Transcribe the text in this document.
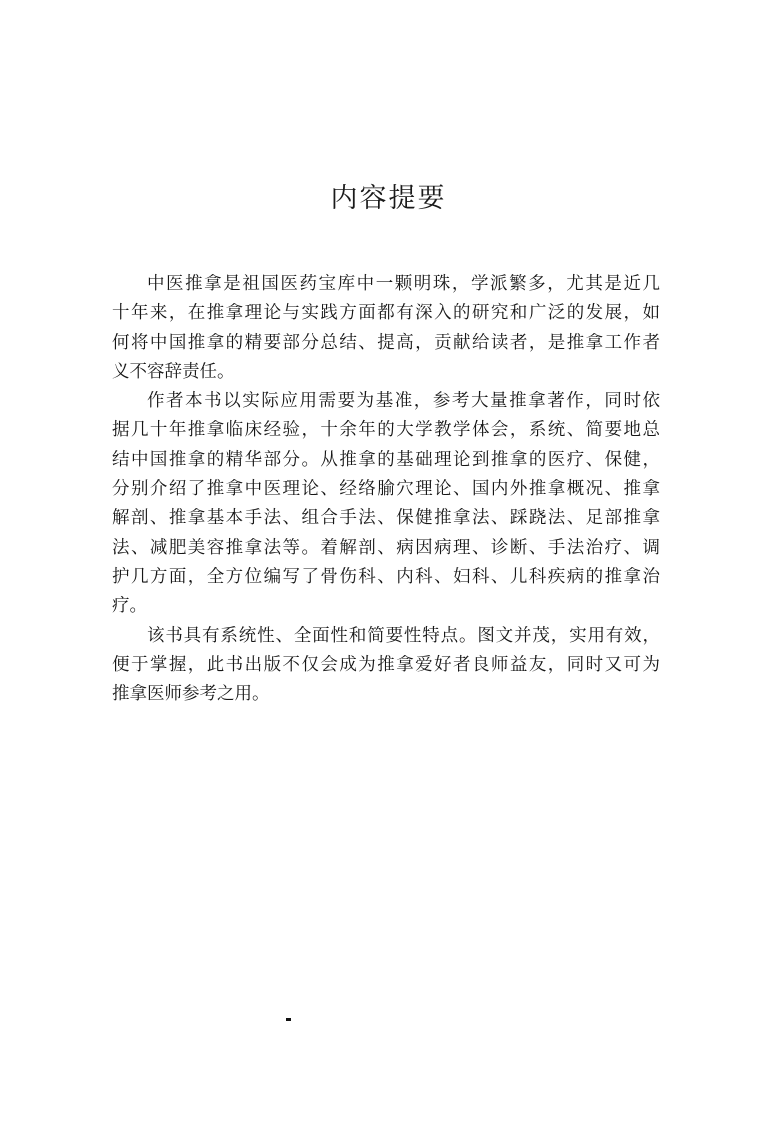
内容提要
中医推拿是祖国医药宝库中一颗明珠，学派繁多，尤其是近几
十年来，在推拿理论与实践方面都有深入的研究和广泛的发展，如
何将中国推拿的精要部分总结、提高，贡献给读者，是推拿工作者
义不容辞责任。
作者本书以实际应用需要为基准，参考大量推拿著作，同时依
据几十年推拿临床经验，十余年的大学教学体会，系统、简要地总
结中国推拿的精华部分。从推拿的基础理论到推拿的医疗、保健，
分别介绍了推拿中医理论、经络腧穴理论、国内外推拿概况、推拿
解剖、推拿基本手法、组合手法、保健推拿法、踩跷法、足部推拿
法、减肥美容推拿法等。着解剖、病因病理、诊断、手法治疗、调
护几方面，全方位编写了骨伤科、内科、妇科、儿科疾病的推拿治
疗。
该书具有系统性、全面性和简要性特点。图文并茂，实用有效，
便于掌握，此书出版不仅会成为推拿爱好者良师益友，同时又可为
推拿医师参考之用。
